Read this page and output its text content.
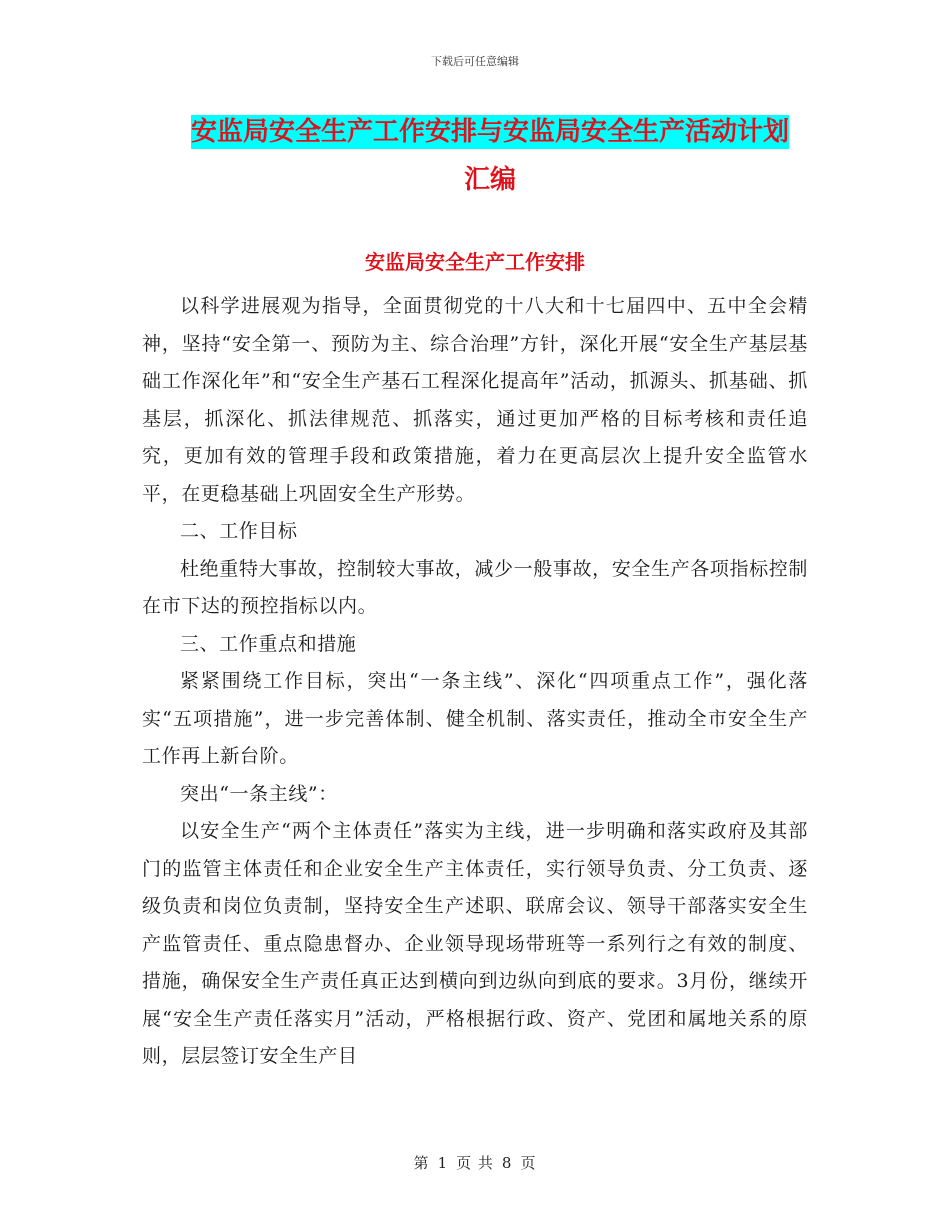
下载后可任意编辑
安监局安全生产工作安排与安监局安全生产活动计划
汇编
安监局安全生产工作安排

以科学进展观为指导，全面贯彻党的十八大和十七届四中、五中全会精神，坚持“安全第一、预防为主、综合治理”方针，深化开展“安全生产基层基础工作深化年”和“安全生产基石工程深化提高年”活动，抓源头、抓基础、抓基层，抓深化、抓法律规范、抓落实，通过更加严格的目标考核和责任追究，更加有效的管理手段和政策措施，着力在更高层次上提升安全监管水平，在更稳基础上巩固安全生产形势。

二、工作目标

杜绝重特大事故，控制较大事故，减少一般事故，安全生产各项指标控制在市下达的预控指标以内。

三、工作重点和措施

紧紧围绕工作目标，突出“一条主线”、深化“四项重点工作”，强化落实“五项措施”，进一步完善体制、健全机制、落实责任，推动全市安全生产工作再上新台阶。

突出“一条主线”：

以安全生产“两个主体责任”落实为主线，进一步明确和落实政府及其部门的监管主体责任和企业安全生产主体责任，实行领导负责、分工负责、逐级负责和岗位负责制，坚持安全生产述职、联席会议、领导干部落实安全生产监管责任、重点隐患督办、企业领导现场带班等一系列行之有效的制度、措施，确保安全生产责任真正达到横向到边纵向到底的要求。3月份，继续开展“安全生产责任落实月”活动，严格根据行政、资产、党团和属地关系的原则，层层签订安全生产目

第 1 页 共 8 页
